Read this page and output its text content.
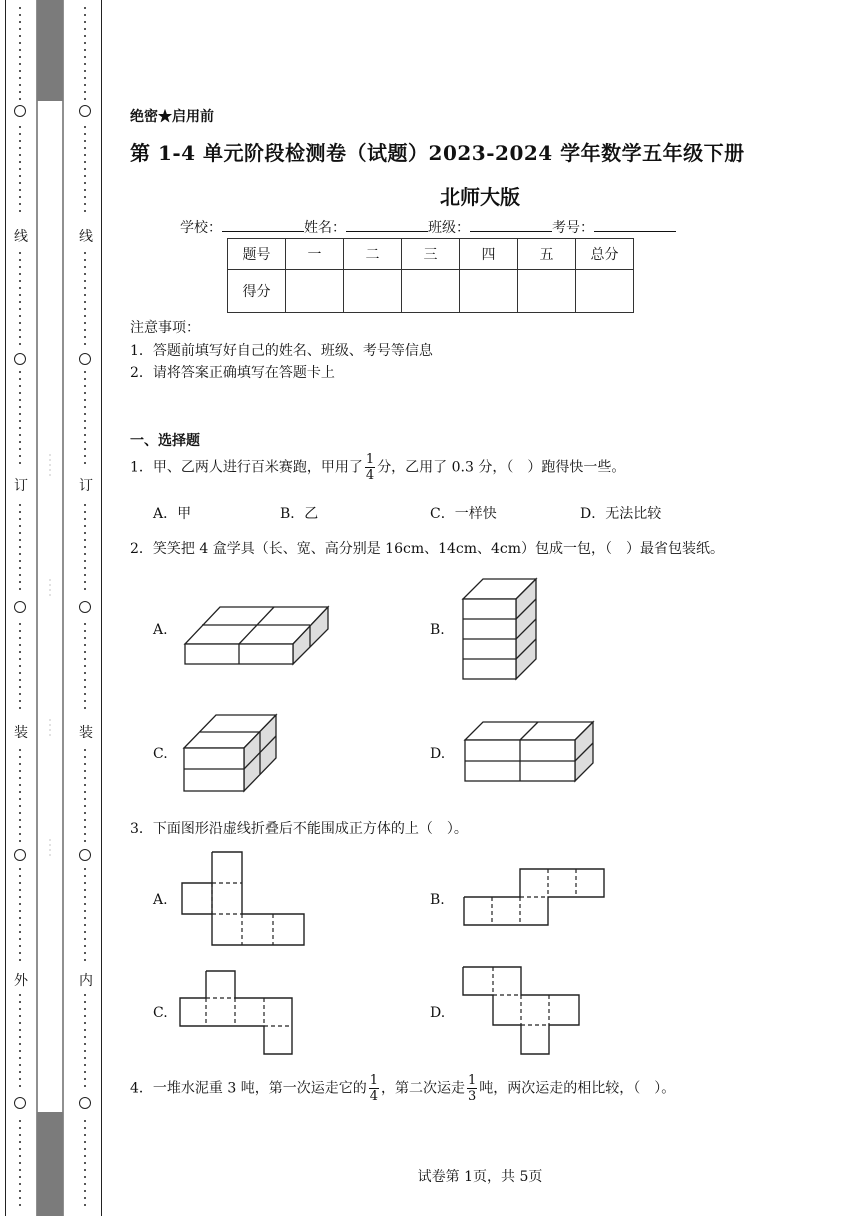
线
订
装
外
线
订
装
内
绝密★启用前
第 1-4 单元阶段检测卷（试题）2023-2024 学年数学五年级下册
北师大版
学校：	姓名：	班级：	考号：
题号	一	二	三	四	五	总分
得分						
注意事项：
1．答题前填写好自己的姓名、班级、考号等信息
2．请将答案正确填写在答题卡上
一、选择题
1．甲、乙两人进行百米赛跑，甲用了 $\frac{1}{4}$ 分，乙用了 0.3 分，（　）跑得快一些。
A．甲	B．乙	C．一样快	D．无法比较
2．笑笑把 4 盒学具（长、宽、高分别是 16cm、14cm、4cm）包成一包，（　）最省包装纸。
A.	B.
C.	D.
3．下面图形沿虚线折叠后不能围成正方体的上（　）。
A.	B.
C.	D.
4．一堆水泥重 3 吨，第一次运走它的 $\frac{1}{4}$ ，第二次运走 $\frac{1}{3}$ 吨，两次运走的相比较，（　）。
试卷第 1页，共 5页
